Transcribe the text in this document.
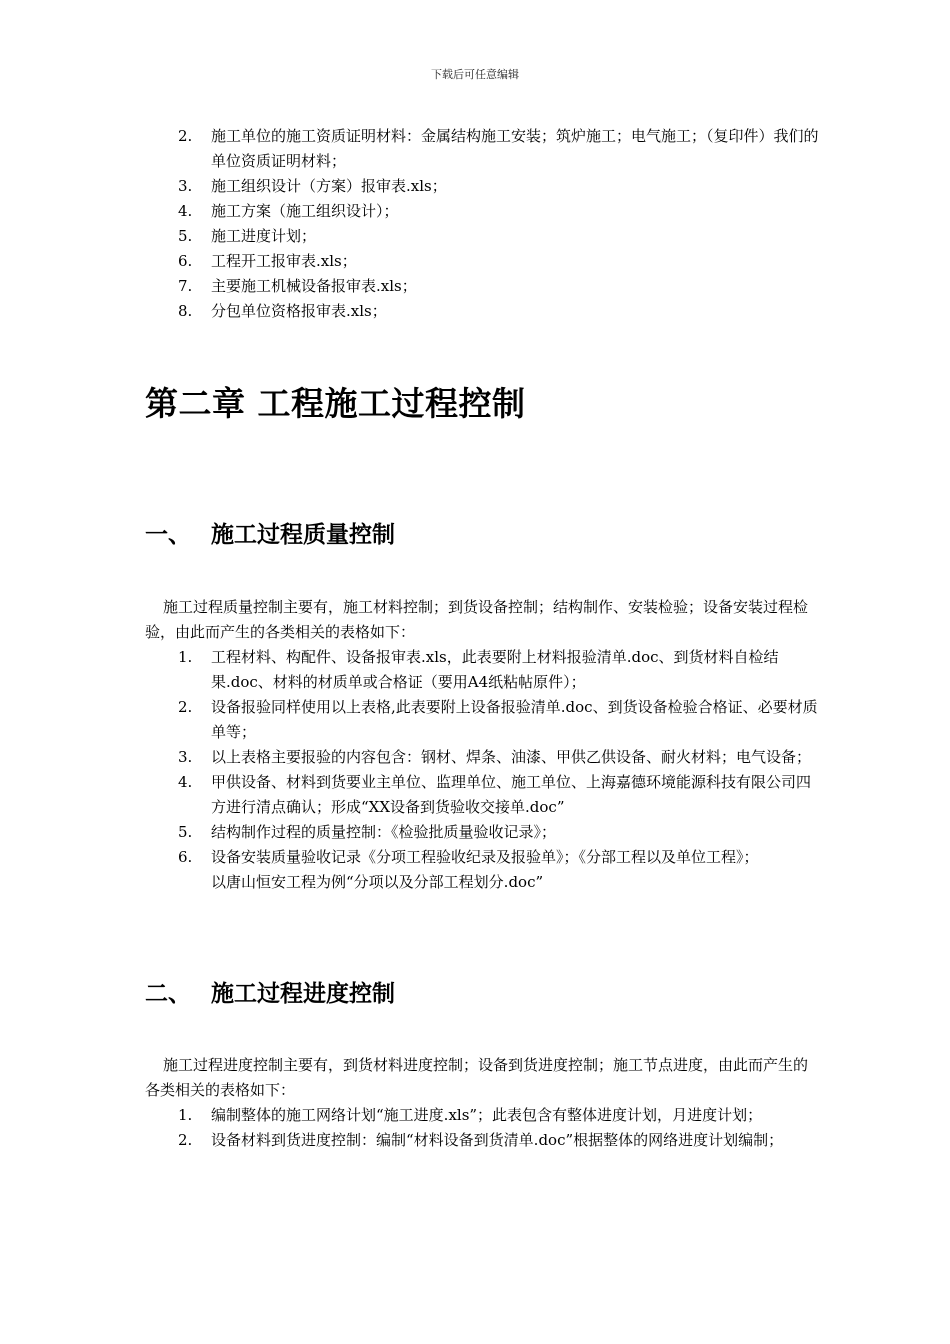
下载后可任意编辑
2.	施工单位的施工资质证明材料：金属结构施工安装；筑炉施工；电气施工；（复印件）我们的单位资质证明材料；
3.	施工组织设计（方案）报审表.xls；
4.	施工方案（施工组织设计）；
5.	施工进度计划；
6.	工程开工报审表.xls；
7.	主要施工机械设备报审表.xls；
8.	分包单位资格报审表.xls；
第二章 工程施工过程控制
一、 施工过程质量控制

施工过程质量控制主要有，施工材料控制；到货设备控制；结构制作、安装检验；设备安装过程检验，由此而产生的各类相关的表格如下：

1.	工程材料、构配件、设备报审表.xls，此表要附上材料报验清单.doc、到货材料自检结果.doc、材料的材质单或合格证（要用A4纸粘帖原件）；
2.	设备报验同样使用以上表格,此表要附上设备报验清单.doc、到货设备检验合格证、必要材质单等；
3.	以上表格主要报验的内容包含：钢材、焊条、油漆、甲供乙供设备、耐火材料；电气设备；
4.	甲供设备、材料到货要业主单位、监理单位、施工单位、上海嘉德环境能源科技有限公司四方进行清点确认；形成“XX设备到货验收交接单.doc”
5.	结构制作过程的质量控制：《检验批质量验收记录》；
6.	设备安装质量验收记录《分项工程验收纪录及报验单》；《分部工程以及单位工程》；
以唐山恒安工程为例“分项以及分部工程划分.doc”
二、 施工过程进度控制

施工过程进度控制主要有，到货材料进度控制；设备到货进度控制；施工节点进度，由此而产生的各类相关的表格如下：

1.	编制整体的施工网络计划“施工进度.xls”；此表包含有整体进度计划，月进度计划；
2.	设备材料到货进度控制：编制“材料设备到货清单.doc”根据整体的网络进度计划编制；
